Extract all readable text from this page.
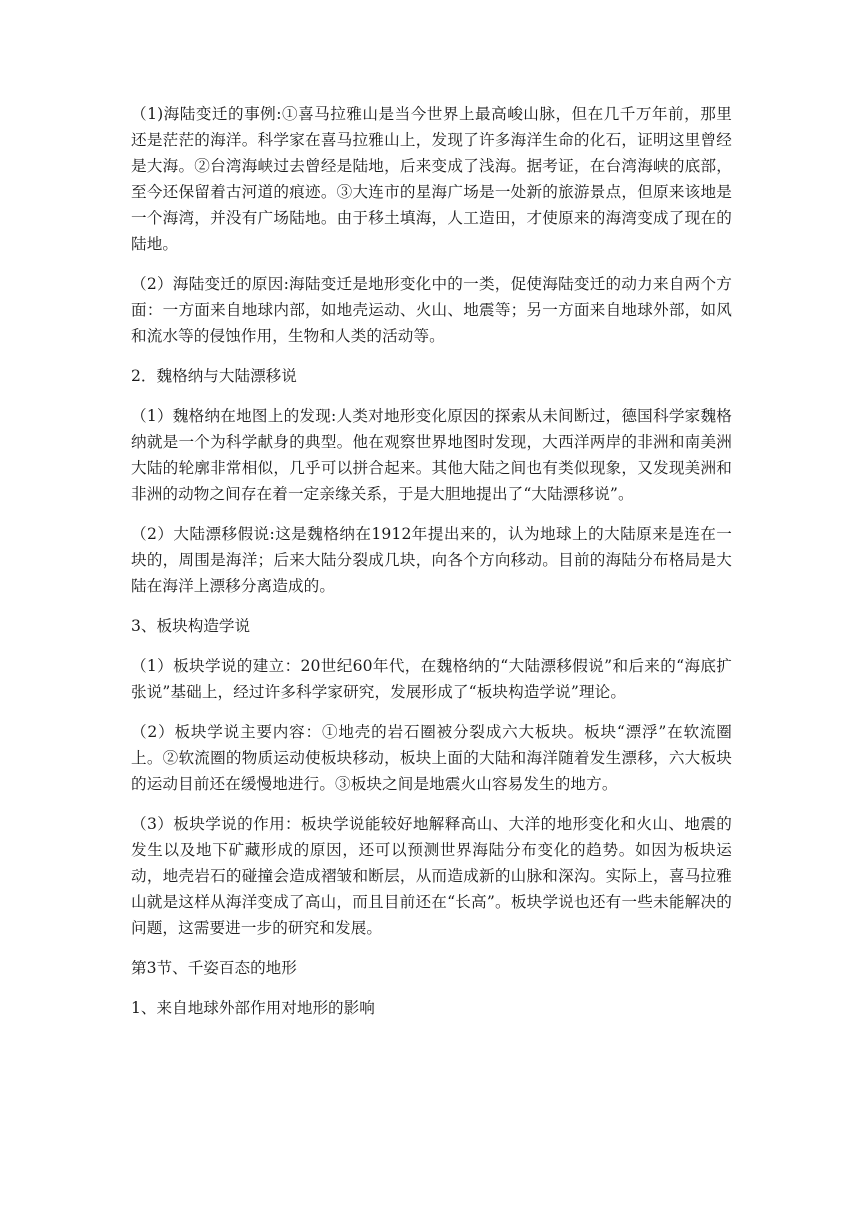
（1)海陆变迁的事例:①喜马拉雅山是当今世界上最高峻山脉，但在几千万年前，那里还是茫茫的海洋。科学家在喜马拉雅山上，发现了许多海洋生命的化石，证明这里曾经是大海。②台湾海峡过去曾经是陆地，后来变成了浅海。据考证，在台湾海峡的底部，至今还保留着古河道的痕迹。③大连市的星海广场是一处新的旅游景点，但原来该地是一个海湾，并没有广场陆地。由于移土填海，人工造田，才使原来的海湾变成了现在的陆地。

（2）海陆变迁的原因:海陆变迁是地形变化中的一类，促使海陆变迁的动力来自两个方面：一方面来自地球内部，如地壳运动、火山、地震等；另一方面来自地球外部，如风和流水等的侵蚀作用，生物和人类的活动等。

2．魏格纳与大陆漂移说

（1）魏格纳在地图上的发现:人类对地形变化原因的探索从未间断过，德国科学家魏格纳就是一个为科学献身的典型。他在观察世界地图时发现，大西洋两岸的非洲和南美洲大陆的轮廓非常相似，几乎可以拼合起来。其他大陆之间也有类似现象，又发现美洲和非洲的动物之间存在着一定亲缘关系，于是大胆地提出了“大陆漂移说”。

（2）大陆漂移假说:这是魏格纳在1912年提出来的，认为地球上的大陆原来是连在一块的，周围是海洋；后来大陆分裂成几块，向各个方向移动。目前的海陆分布格局是大陆在海洋上漂移分离造成的。

3、板块构造学说

（1）板块学说的建立：20世纪60年代，在魏格纳的“大陆漂移假说”和后来的“海底扩张说”基础上，经过许多科学家研究，发展形成了“板块构造学说”理论。

（2）板块学说主要内容：①地壳的岩石圈被分裂成六大板块。板块“漂浮”在软流圈上。②软流圈的物质运动使板块移动，板块上面的大陆和海洋随着发生漂移，六大板块的运动目前还在缓慢地进行。③板块之间是地震火山容易发生的地方。

（3）板块学说的作用：板块学说能较好地解释高山、大洋的地形变化和火山、地震的发生以及地下矿藏形成的原因，还可以预测世界海陆分布变化的趋势。如因为板块运动，地壳岩石的碰撞会造成褶皱和断层，从而造成新的山脉和深沟。实际上，喜马拉雅山就是这样从海洋变成了高山，而且目前还在“长高”。板块学说也还有一些未能解决的问题，这需要进一步的研究和发展。

第3节、千姿百态的地形

1、来自地球外部作用对地形的影响
